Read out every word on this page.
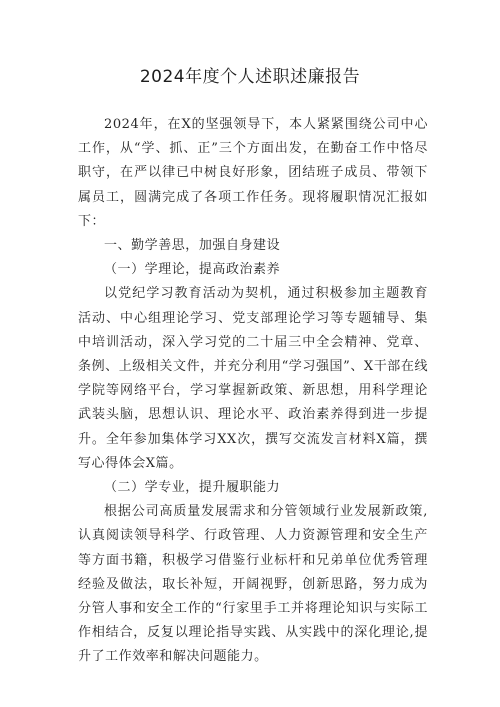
2024年度个人述职述廉报告

2024年，在X的坚强领导下，本人紧紧围绕公司中心工作，从“学、抓、正”三个方面出发，在勤奋工作中恪尽职守，在严以律已中树良好形象，团结班子成员、带领下属员工，圆满完成了各项工作任务。现将履职情况汇报如下：

一、勤学善思，加强自身建设

（一）学理论，提高政治素养

以党纪学习教育活动为契机，通过积极参加主题教育活动、中心组理论学习、党支部理论学习等专题辅导、集中培训活动，深入学习党的二十届三中全会精神、党章、条例、上级相关文件，并充分利用“学习强国”、X干部在线学院等网络平台，学习掌握新政策、新思想，用科学理论武装头脑，思想认识、理论水平、政治素养得到进一步提升。全年参加集体学习XX次，撰写交流发言材料X篇，撰写心得体会X篇。

（二）学专业，提升履职能力

根据公司高质量发展需求和分管领域行业发展新政策,认真阅读领导科学、行政管理、人力资源管理和安全生产等方面书籍，积极学习借鉴行业标杆和兄弟单位优秀管理经验及做法，取长补短，开阔视野，创新思路，努力成为分管人事和安全工作的“行家里手工并将理论知识与实际工作相结合，反复以理论指导实践、从实践中的深化理论,提升了工作效率和解决问题能力。
